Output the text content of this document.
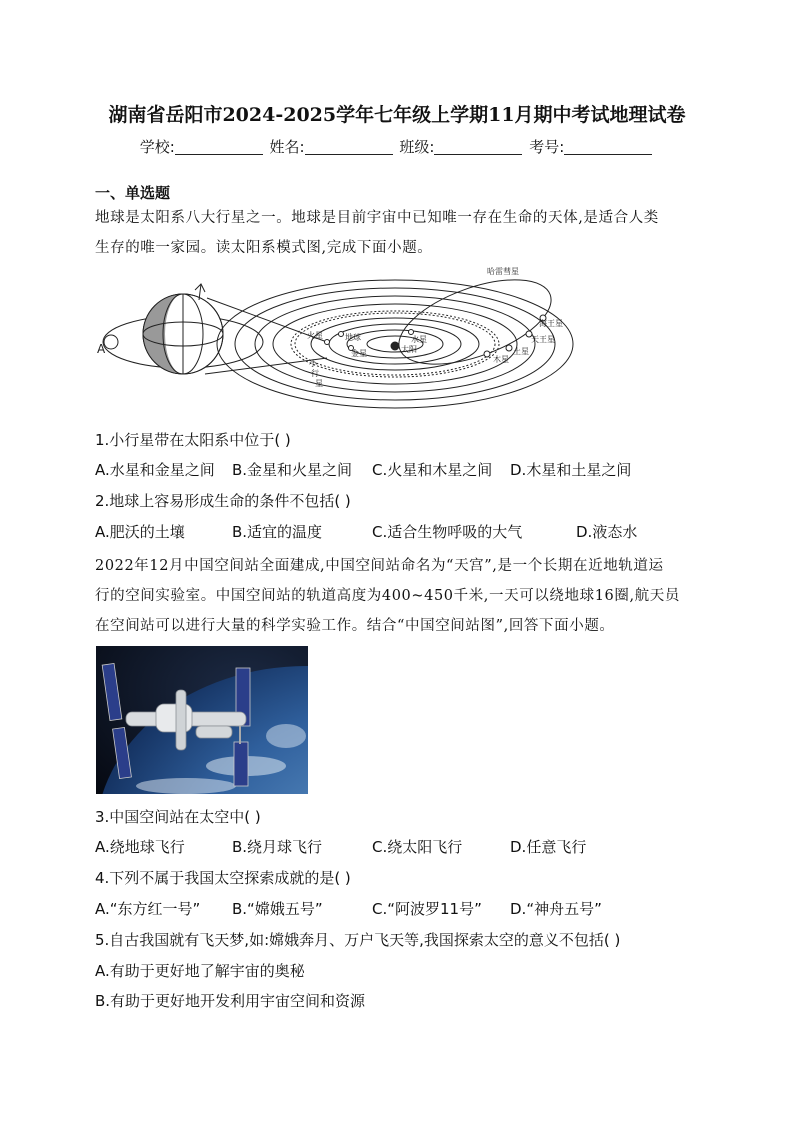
湖南省岳阳市2024-2025学年七年级上学期11月期中考试地理试卷
学校:	姓名:	班级:	考号:
一、单选题
地球是太阳系八大行星之一。地球是目前宇宙中已知唯一存在生命的天体,是适合人类
生存的唯一家园。读太阳系模式图,完成下面小题。
A
哈雷彗星
海王星
天王星
土星
木星
火星	地球
金星
水星
太阳
小
行
星
1.小行星带在太阳系中位于( )
A.水星和金星之间 B.金星和火星之间 C.火星和木星之间 D.木星和土星之间
2.地球上容易形成生命的条件不包括( )
A.肥沃的土壤	B.适宜的温度	C.适合生物呼吸的大气	D.液态水
2022年12月中国空间站全面建成,中国空间站命名为“天宫”,是一个长期在近地轨道运
行的空间实验室。中国空间站的轨道高度为400~450千米,一天可以绕地球16圈,航天员
在空间站可以进行大量的科学实验工作。结合“中国空间站图”,回答下面小题。
3.中国空间站在太空中( )
A.绕地球飞行	B.绕月球飞行	C.绕太阳飞行	D.任意飞行
4.下列不属于我国太空探索成就的是( )
A.“东方红一号” B.“嫦娥五号”	C.“阿波罗11号” D.“神舟五号”
5.自古我国就有飞天梦,如:嫦娥奔月、万户飞天等,我国探索太空的意义不包括( )
A.有助于更好地了解宇宙的奥秘
B.有助于更好地开发利用宇宙空间和资源
